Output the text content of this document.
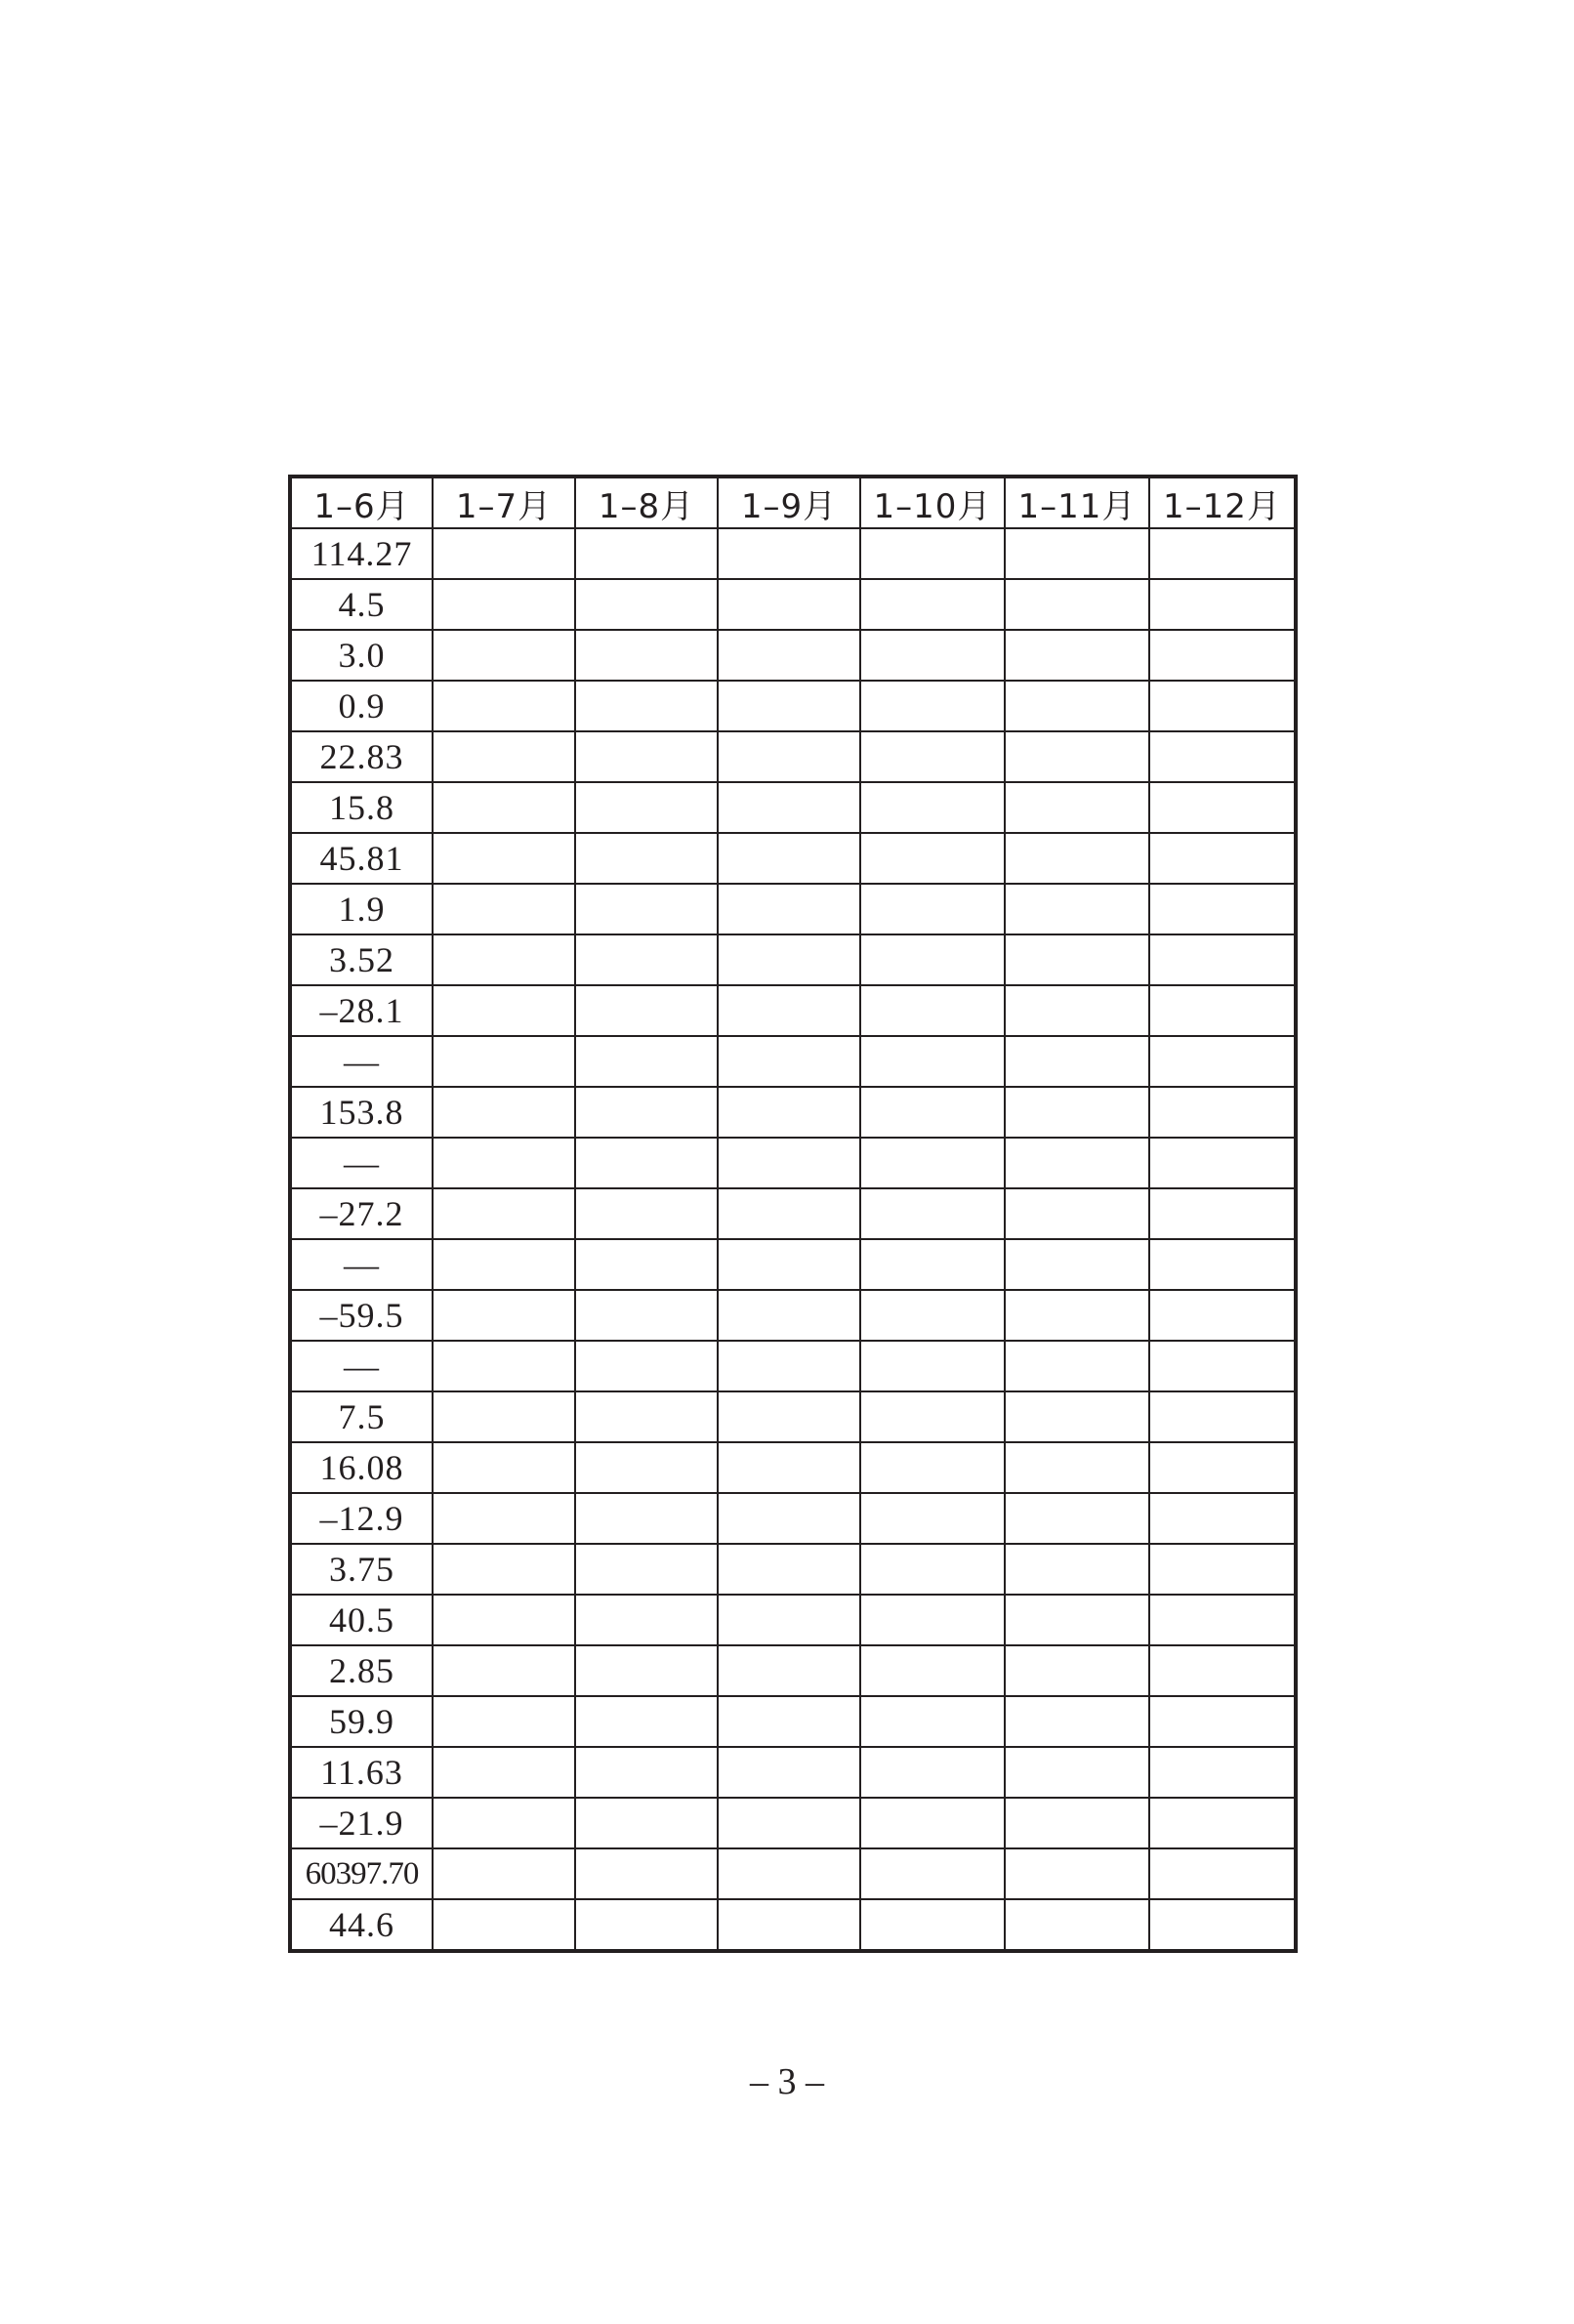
1–6月	1–7月	1–8月	1–9月	1–10月	1–11月	1–12月
114.27						
4.5						
3.0						
0.9						
22.83						
15.8						
45.81						
1.9						
3.52						
–28.1						
—						
153.8						
—						
–27.2						
—						
–59.5						
—						
7.5						
16.08						
–12.9						
3.75						
40.5						
2.85						
59.9						
11.63						
–21.9						
60397.70						
44.6						
– 3 –
